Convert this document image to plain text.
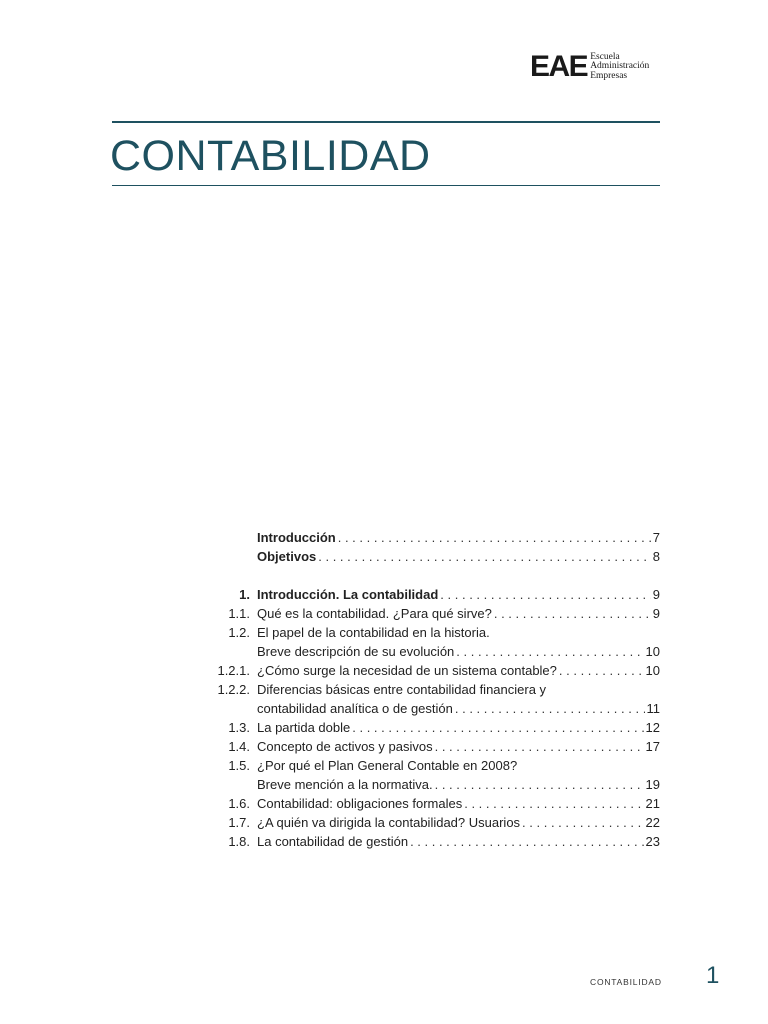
EAE Escuela
Administración
Empresas
CONTABILIDAD
Introducción . . .	7
Objetivos . . .	8
1. Introducción. La contabilidad . . .	9
1.1. Qué es la contabilidad. ¿Para qué sirve? . . .	9
1.2. El papel de la contabilidad en la historia.
Breve descripción de su evolución . . .	10
1.2.1. ¿Cómo surge la necesidad de un sistema contable? . . .	10
1.2.2. Diferencias básicas entre contabilidad financiera y
contabilidad analítica o de gestión . . .	11
1.3. La partida doble . . .	12
1.4. Concepto de activos y pasivos . . .	17
1.5. ¿Por qué el Plan General Contable en 2008?
Breve mención a la normativa. . . .	19
1.6. Contabilidad: obligaciones formales . . .	21
1.7. ¿A quién va dirigida la contabilidad? Usuarios . . .	22
1.8. La contabilidad de gestión . . .	23
CONTABILIDAD 1
